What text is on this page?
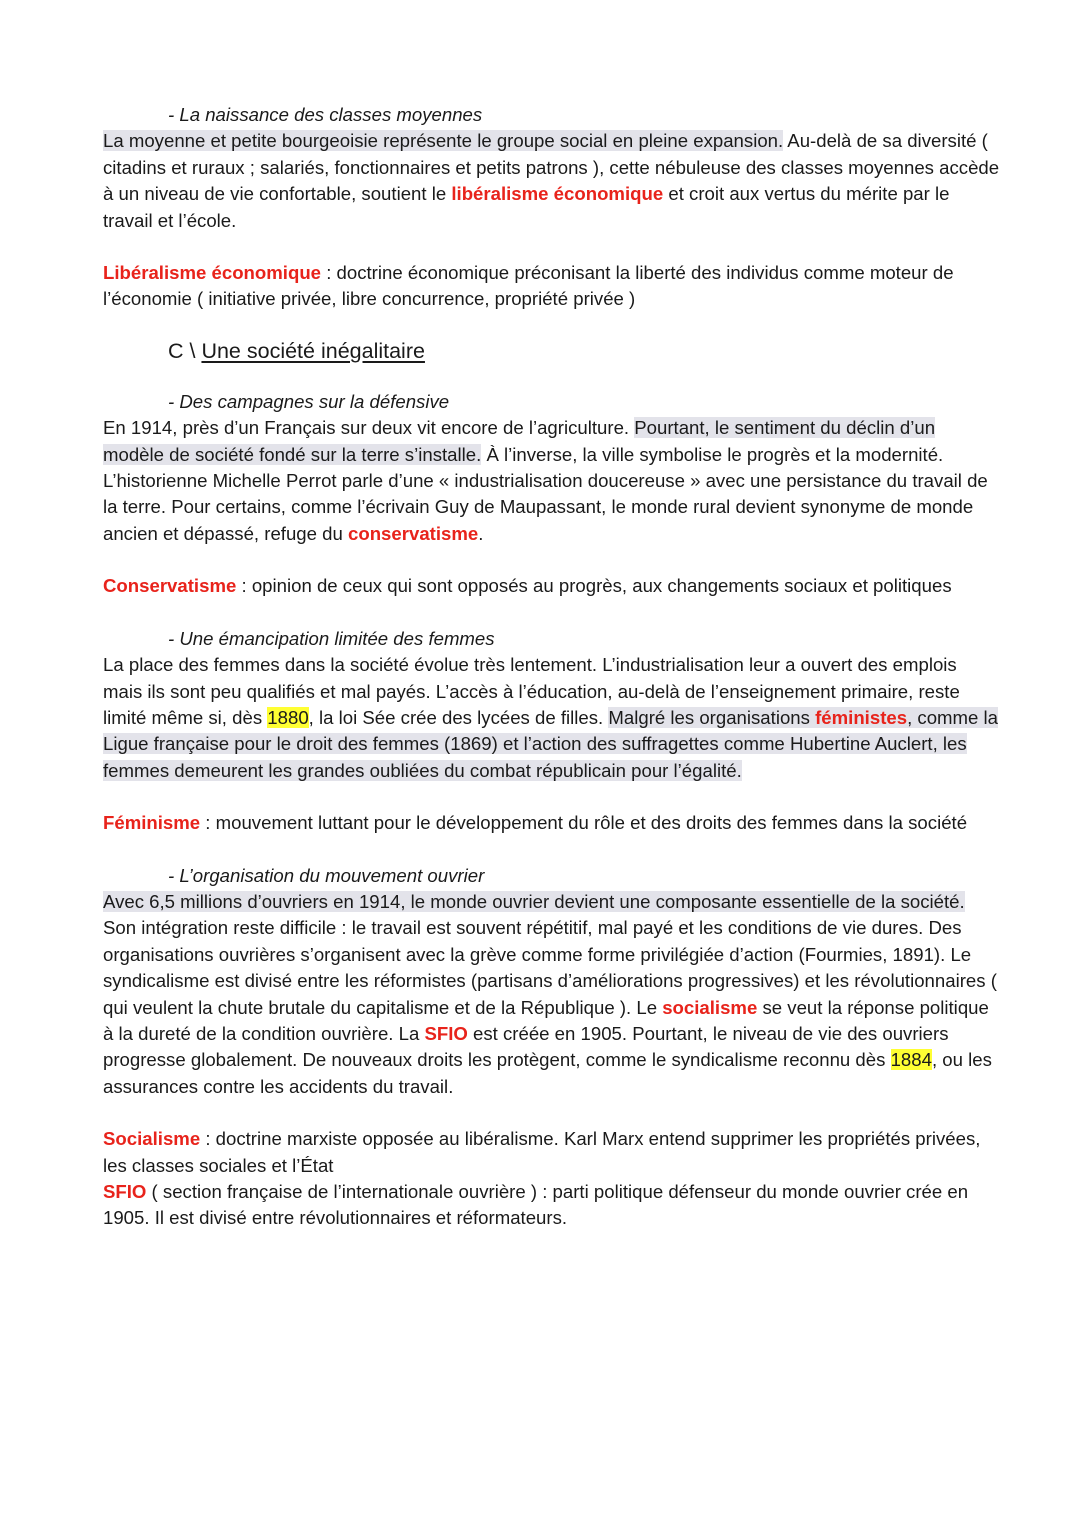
- La naissance des classes moyennes

La moyenne et petite bourgeoisie représente le groupe social en pleine expansion. Au-delà de sa diversité ( citadins et ruraux ; salariés, fonctionnaires et petits patrons ), cette nébuleuse des classes moyennes accède à un niveau de vie confortable, soutient le libéralisme économique et croit aux vertus du mérite par le travail et l’école.

Libéralisme économique : doctrine économique préconisant la liberté des individus comme moteur de l’économie ( initiative privée, libre concurrence, propriété privée )

C \ Une société inégalitaire

- Des campagnes sur la défensive

En 1914, près d’un Français sur deux vit encore de l’agriculture. Pourtant, le sentiment du déclin d’un modèle de société fondé sur la terre s’installe. À l’inverse, la ville symbolise le progrès et la modernité. L’historienne Michelle Perrot parle d’une « industrialisation doucereuse » avec une persistance du travail de la terre. Pour certains, comme l’écrivain Guy de Maupassant, le monde rural devient synonyme de monde ancien et dépassé, refuge du conservatisme.

Conservatisme : opinion de ceux qui sont opposés au progrès, aux changements sociaux et politiques

- Une émancipation limitée des femmes

La place des femmes dans la société évolue très lentement. L’industrialisation leur a ouvert des emplois mais ils sont peu qualifiés et mal payés. L’accès à l’éducation, au-delà de l’enseignement primaire, reste limité même si, dès 1880, la loi Sée crée des lycées de filles. Malgré les organisations féministes, comme la Ligue française pour le droit des femmes (1869) et l’action des suffragettes comme Hubertine Auclert, les femmes demeurent les grandes oubliées du combat républicain pour l’égalité.

Féminisme : mouvement luttant pour le développement du rôle et des droits des femmes dans la société

- L’organisation du mouvement ouvrier

Avec 6,5 millions d’ouvriers en 1914, le monde ouvrier devient une composante essentielle de la société. Son intégration reste difficile : le travail est souvent répétitif, mal payé et les conditions de vie dures. Des organisations ouvrières s’organisent avec la grève comme forme privilégiée d’action (Fourmies, 1891). Le syndicalisme est divisé entre les réformistes (partisans d’améliorations progressives) et les révolutionnaires ( qui veulent la chute brutale du capitalisme et de la République ). Le socialisme se veut la réponse politique à la dureté de la condition ouvrière. La SFIO est créée en 1905. Pourtant, le niveau de vie des ouvriers progresse globalement. De nouveaux droits les protègent, comme le syndicalisme reconnu dès 1884, ou les assurances contre les accidents du travail.

Socialisme : doctrine marxiste opposée au libéralisme. Karl Marx entend supprimer les propriétés privées, les classes sociales et l’État

SFIO ( section française de l’internationale ouvrière ) : parti politique défenseur du monde ouvrier crée en 1905. Il est divisé entre révolutionnaires et réformateurs.
